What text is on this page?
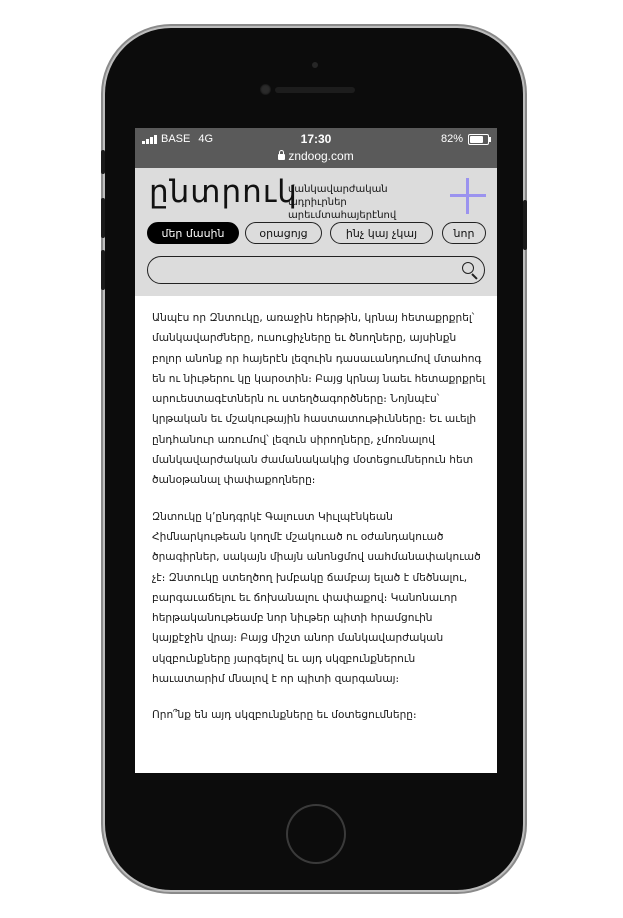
BASE 4G	17:30	82%
zndoog.com
ընտրուկ
մանկավարժական ադրիւրներ
արեւմտահայերէնով
մեր մասին	օրացոյց	ինչ կայ չկայ	նոր

Անպէս որ Զնտուկը, առաջին հերթին, կրնայ հետաքրքրել՝ մանկավարժները, ուսուցիչները եւ ծնողները, այսինքն բոլոր անոնք որ հայերէն լեզուին դասաւանդումով մտահոգ են ու նիւթերու կը կարօտին։ Բայց կրնայ նաեւ հետաքրքրել արուեստագէտներն ու ստեղծագործները։ Նոյնպէս՝ կրթական եւ մշակութային հաստատութիւնները։ Եւ աւելի ընդհանուր առումով՝ լեզուն սիրողները, չմոռնալով մանկավարժական ժամանակակից մօտեցումներուն հետ ծանօթանալ փափաքողները։

Զնտուկը կ՚ընդգրկէ Գալուստ Կիւլպէնկեան Հիմնարկութեան կողմէ մշակուած ու օժանդակուած ծրագիրներ, սակայն միայն անոնցմով սահմանափակուած չէ։ Զնտուկը ստեղծող խմբակը ճամբայ ելած է մեծնալու, բարգաւաճելու եւ ճոխանալու փափաքով։ Կանոնաւոր հերթականութեամբ նոր նիւթեր պիտի հրամցուին կայքէջին վրայ։ Բայց միշտ անոր մանկավարժական սկզբունքները յարգելով եւ այդ սկզբունքներուն հաւատարիմ մնալով է որ պիտի զարգանայ։

Որո՞նք են այդ սկզբունքները եւ մօտեցումները։
